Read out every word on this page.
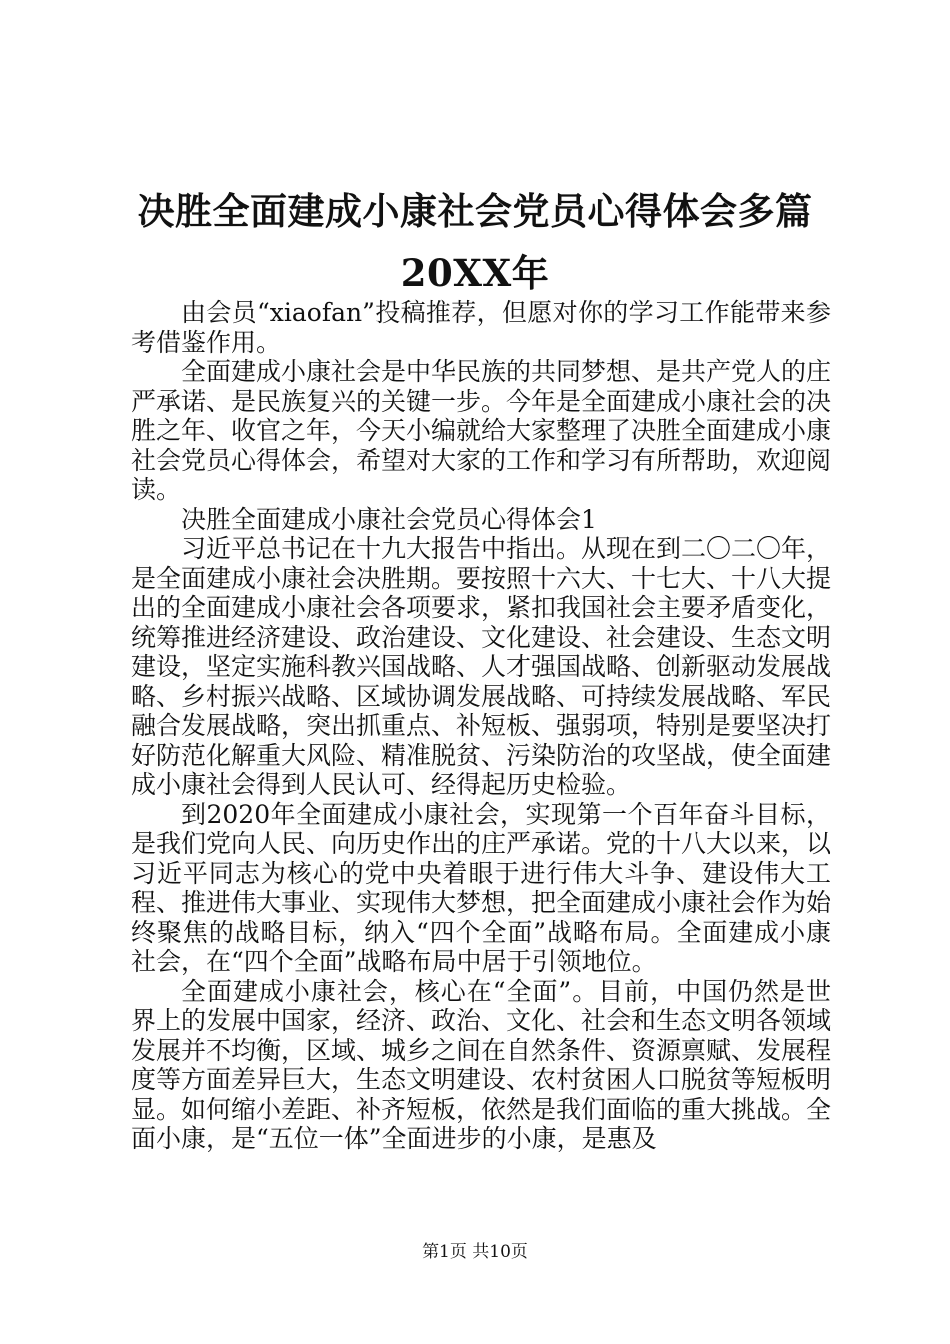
决胜全面建成小康社会党员心得体会多篇
20XX年

由会员“xiaofan”投稿推荐，但愿对你的学习工作能带来参考借鉴作用。

全面建成小康社会是中华民族的共同梦想、是共产党人的庄严承诺、是民族复兴的关键一步。今年是全面建成小康社会的决胜之年、收官之年，今天小编就给大家整理了决胜全面建成小康社会党员心得体会，希望对大家的工作和学习有所帮助，欢迎阅读。

决胜全面建成小康社会党员心得体会1

习近平总书记在十九大报告中指出。从现在到二〇二〇年，是全面建成小康社会决胜期。要按照十六大、十七大、十八大提出的全面建成小康社会各项要求，紧扣我国社会主要矛盾变化，统筹推进经济建设、政治建设、文化建设、社会建设、生态文明建设，坚定实施科教兴国战略、人才强国战略、创新驱动发展战略、乡村振兴战略、区域协调发展战略、可持续发展战略、军民融合发展战略，突出抓重点、补短板、强弱项，特别是要坚决打好防范化解重大风险、精准脱贫、污染防治的攻坚战，使全面建成小康社会得到人民认可、经得起历史检验。

到2020年全面建成小康社会，实现第一个百年奋斗目标，是我们党向人民、向历史作出的庄严承诺。党的十八大以来，以习近平同志为核心的党中央着眼于进行伟大斗争、建设伟大工程、推进伟大事业、实现伟大梦想，把全面建成小康社会作为始终聚焦的战略目标，纳入“四个全面”战略布局。全面建成小康社会，在“四个全面”战略布局中居于引领地位。

全面建成小康社会，核心在“全面”。目前，中国仍然是世界上的发展中国家，经济、政治、文化、社会和生态文明各领域发展并不均衡，区域、城乡之间在自然条件、资源禀赋、发展程度等方面差异巨大，生态文明建设、农村贫困人口脱贫等短板明显。如何缩小差距、补齐短板，依然是我们面临的重大挑战。全面小康，是“五位一体”全面进步的小康，是惠及

第1页 共10页
